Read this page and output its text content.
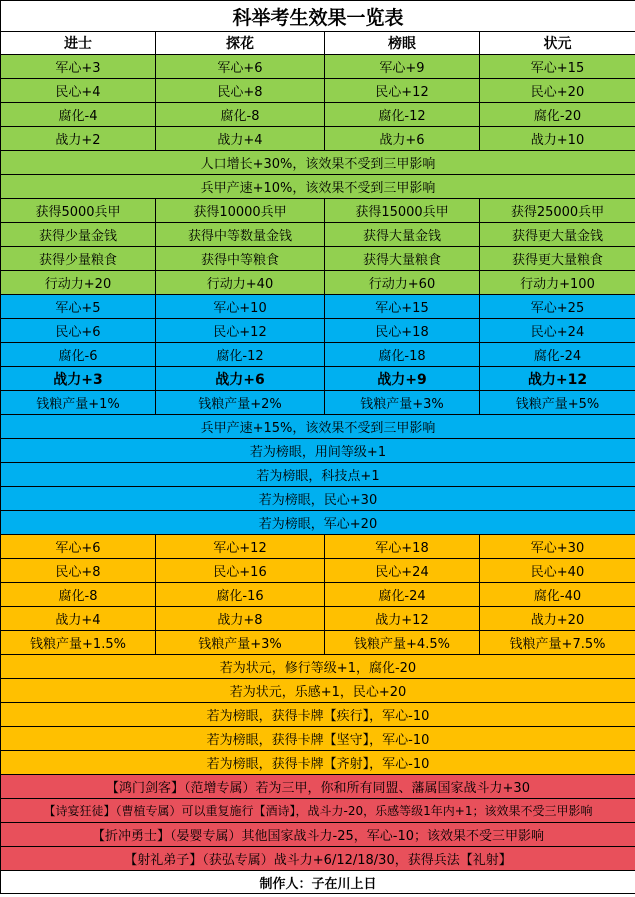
科举考生效果一览表			
进士	探花	榜眼	状元
军心+3	军心+6	军心+9	军心+15
民心+4	民心+8	民心+12	民心+20
腐化-4	腐化-8	腐化-12	腐化-20
战力+2	战力+4	战力+6	战力+10
人口增长+30%，该效果不受到三甲影响			
兵甲产速+10%，该效果不受到三甲影响			
获得5000兵甲	获得10000兵甲	获得15000兵甲	获得25000兵甲
获得少量金钱	获得中等数量金钱	获得大量金钱	获得更大量金钱
获得少量粮食	获得中等粮食	获得大量粮食	获得更大量粮食
行动力+20	行动力+40	行动力+60	行动力+100
军心+5	军心+10	军心+15	军心+25
民心+6	民心+12	民心+18	民心+24
腐化-6	腐化-12	腐化-18	腐化-24
战力+3	战力+6	战力+9	战力+12
钱粮产量+1%	钱粮产量+2%	钱粮产量+3%	钱粮产量+5%
兵甲产速+15%，该效果不受到三甲影响			
若为榜眼，用间等级+1			
若为榜眼，科技点+1			
若为榜眼，民心+30			
若为榜眼，军心+20			
军心+6	军心+12	军心+18	军心+30
民心+8	民心+16	民心+24	民心+40
腐化-8	腐化-16	腐化-24	腐化-40
战力+4	战力+8	战力+12	战力+20
钱粮产量+1.5%	钱粮产量+3%	钱粮产量+4.5%	钱粮产量+7.5%
若为状元，修行等级+1，腐化-20			
若为状元，乐感+1，民心+20			
若为榜眼，获得卡牌【疾行】，军心-10			
若为榜眼，获得卡牌【坚守】，军心-10			
若为榜眼，获得卡牌【齐射】，军心-10			
【鸿门剑客】（范增专属）若为三甲，你和所有同盟、藩属国家战斗力+30			
【诗宴狂徒】（曹植专属）可以重复施行【酒诗】，战斗力-20，乐感等级1年内+1；该效果不受三甲影响			
【折冲勇士】（晏婴专属）其他国家战斗力-25，军心-10；该效果不受三甲影响			
【射礼弟子】（获弘专属）战斗力+6/12/18/30，获得兵法【礼射】			
制作人：子在川上日			
